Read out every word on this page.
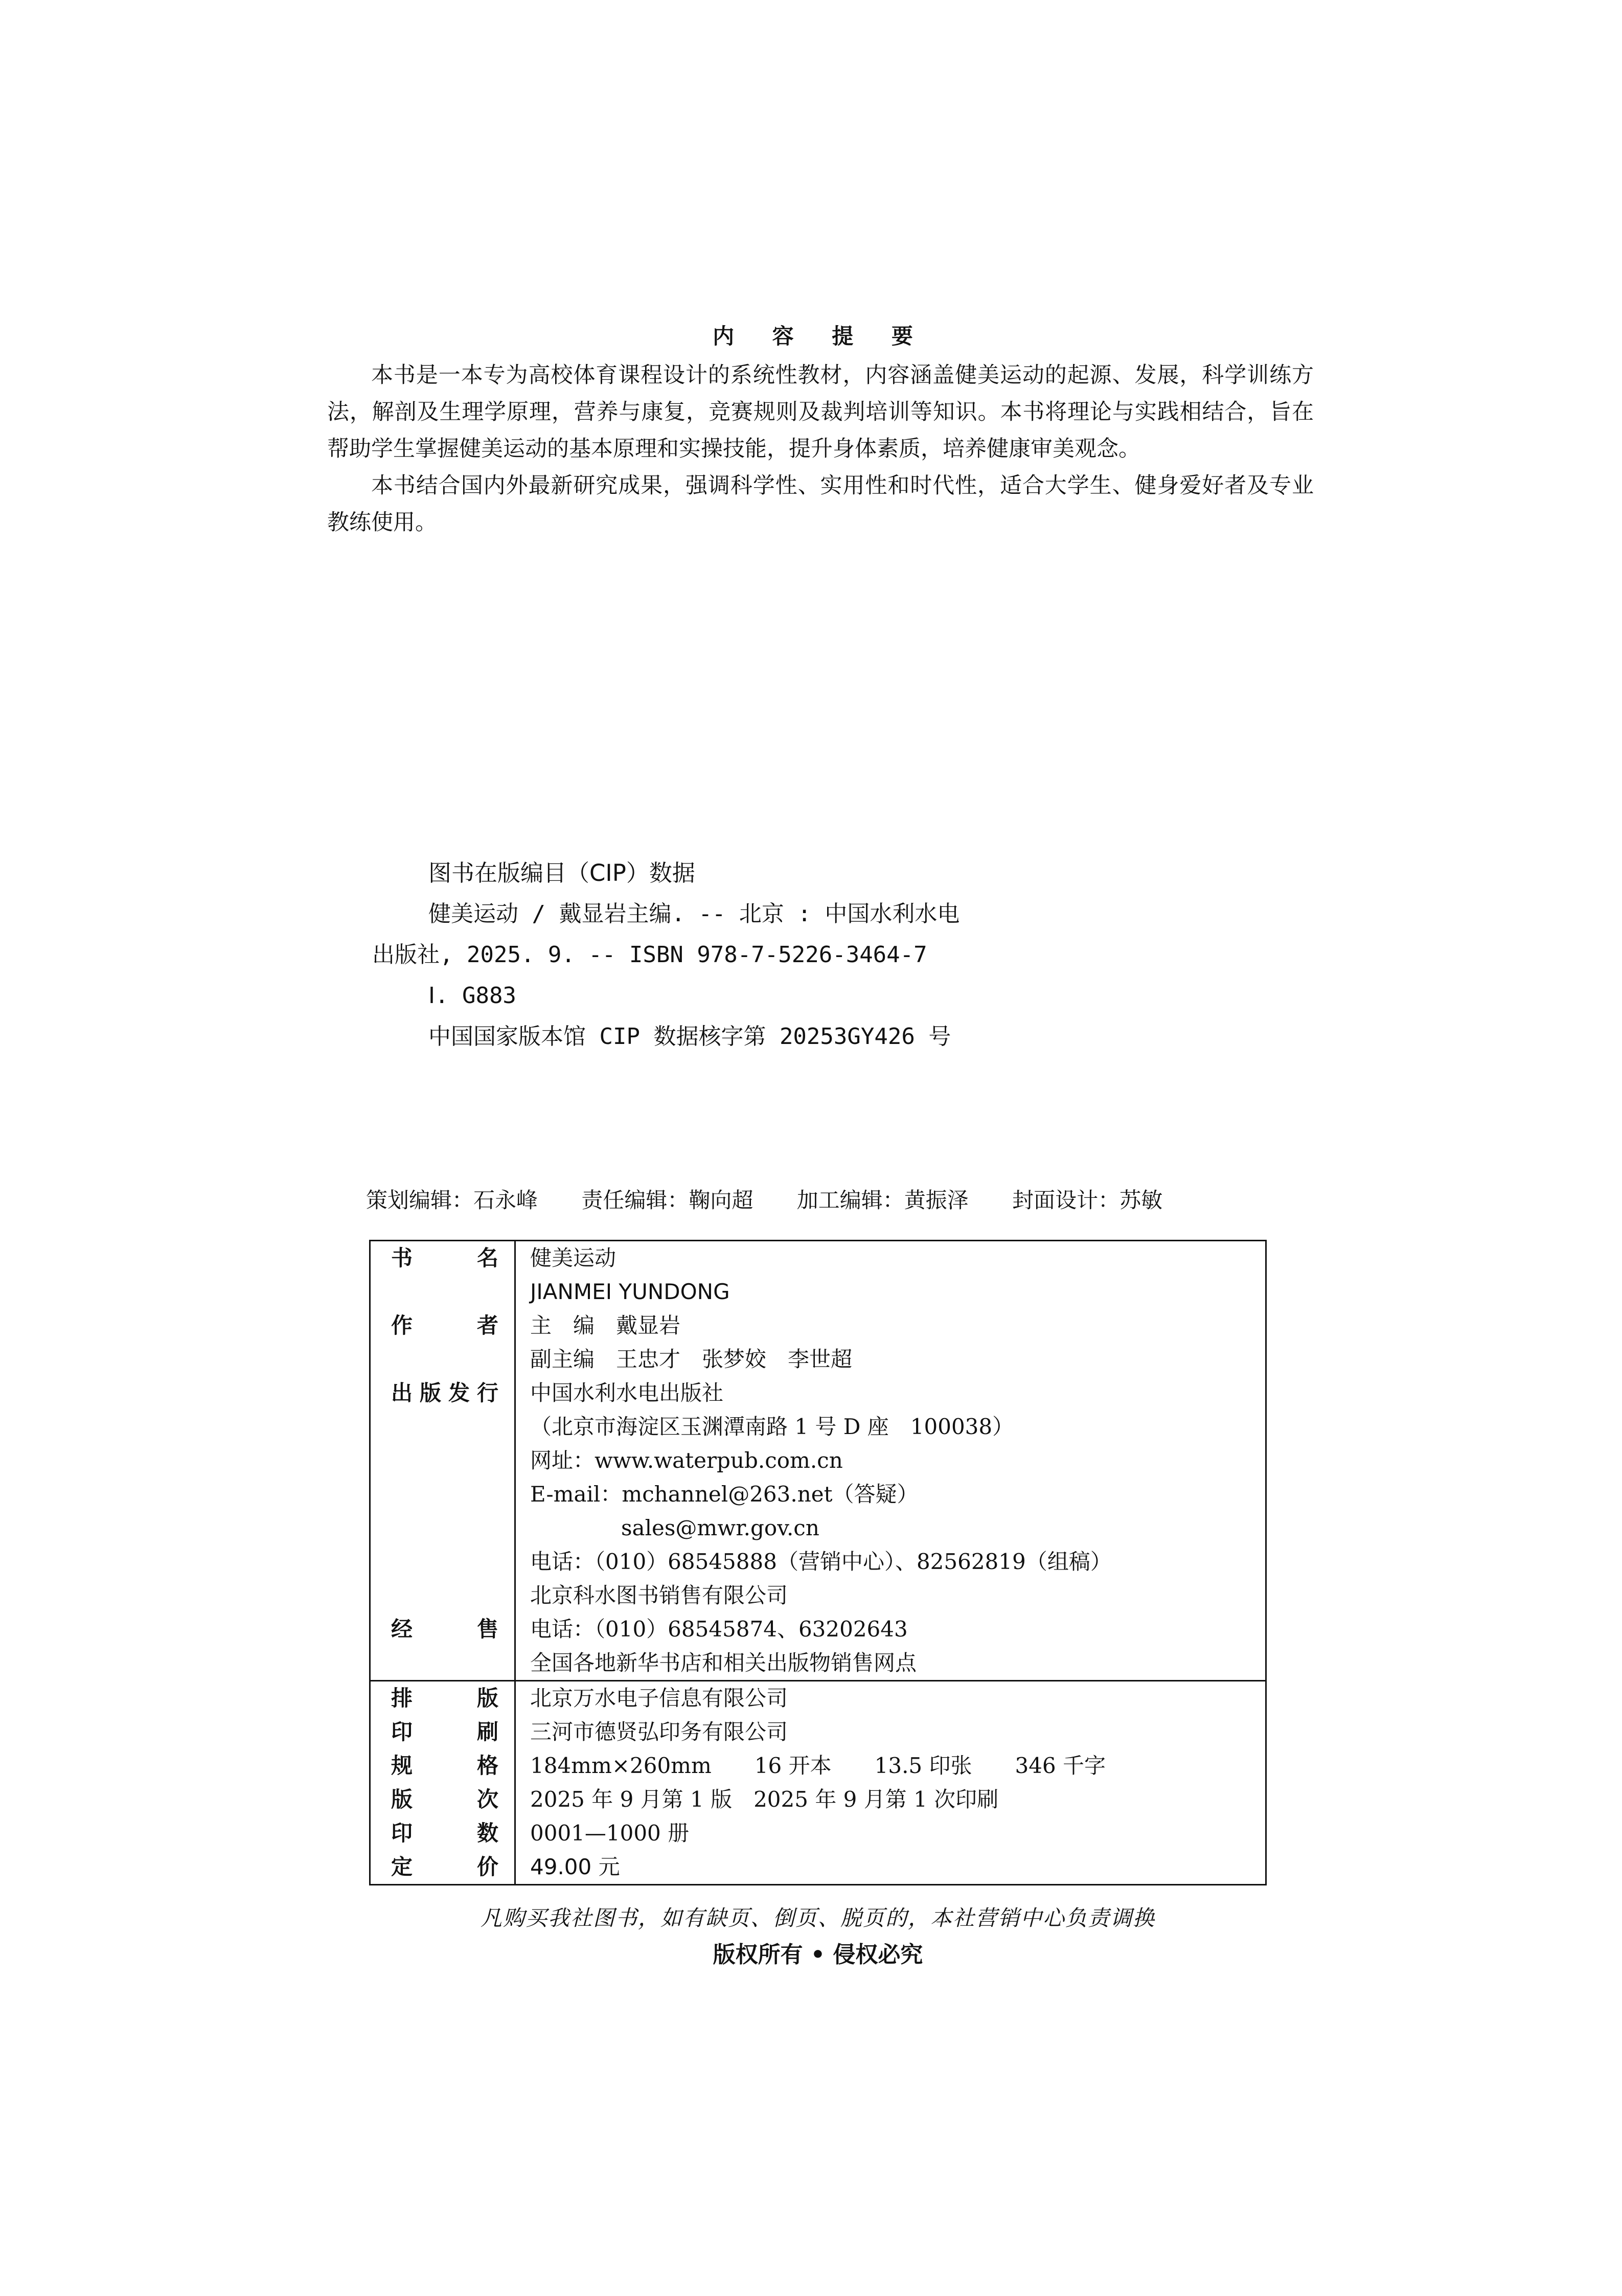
内 容 提 要

本书是一本专为高校体育课程设计的系统性教材，内容涵盖健美运动的起源、发展，科学训练方法，解剖及生理学原理，营养与康复，竞赛规则及裁判培训等知识。本书将理论与实践相结合，旨在帮助学生掌握健美运动的基本原理和实操技能，提升身体素质，培养健康审美观念。

本书结合国内外最新研究成果，强调科学性、实用性和时代性，适合大学生、健身爱好者及专业教练使用。

图书在版编目（CIP）数据
健美运动 / 戴显岩主编. -- 北京 : 中国水利水电
出版社, 2025. 9. -- ISBN 978-7-5226-3464-7
Ⅰ. G883
中国国家版本馆 CIP 数据核字第 20253GY426 号
策划编辑：石永峰 责任编辑：鞠向超 加工编辑：黄振泽 封面设计：苏敏
书名
作者
出版发行
经售
健美运动
JIANMEI YUNDONG
主　编　戴显岩
副主编　王忠才　张梦姣　李世超
中国水利水电出版社
（北京市海淀区玉渊潭南路 1 号 D 座　100038）
网址：www.waterpub.com.cn
E-mail：mchannel@263.net（答疑）
sales@mwr.gov.cn
电话：（010）68545888（营销中心）、82562819（组稿）
北京科水图书销售有限公司
电话：（010）68545874、63202643
全国各地新华书店和相关出版物销售网点
排版
印刷
规格
版次
印数
定价
北京万水电子信息有限公司
三河市德贤弘印务有限公司
184mm×260mm　　16 开本　　13.5 印张　　346 千字
2025 年 9 月第 1 版　2025 年 9 月第 1 次印刷
0001—1000 册
49.00 元
凡购买我社图书，如有缺页、倒页、脱页的，本社营销中心负责调换
版权所有 • 侵权必究
